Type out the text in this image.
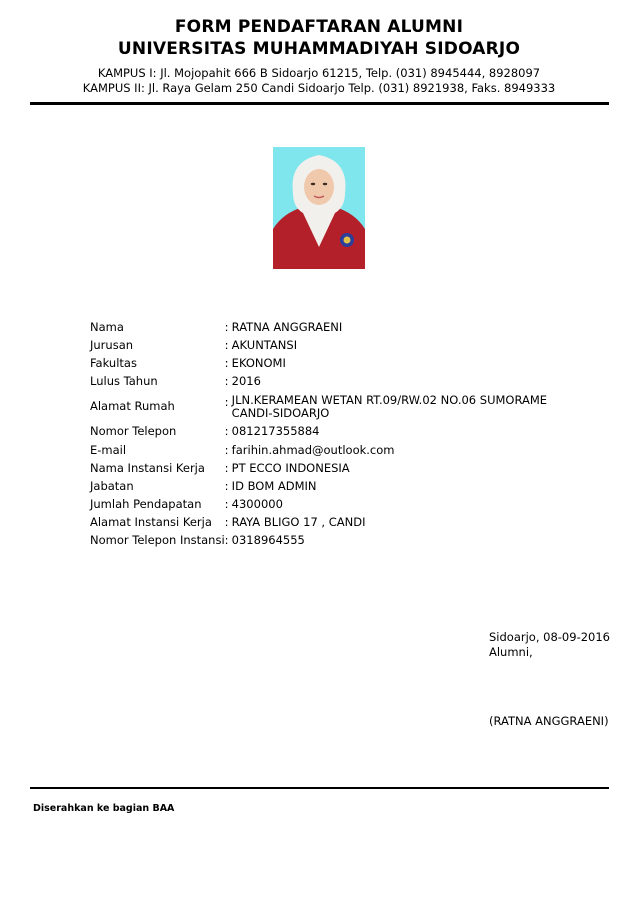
FORM PENDAFTARAN ALUMNI
UNIVERSITAS MUHAMMADIYAH SIDOARJO
KAMPUS I: Jl. Mojopahit 666 B Sidoarjo 61215, Telp. (031) 8945444, 8928097
KAMPUS II: Jl. Raya Gelam 250 Candi Sidoarjo Telp. (031) 8921938, Faks. 8949333
Nama	:	RATNA ANGGRAENI
Jurusan	:	AKUNTANSI
Fakultas	:	EKONOMI
Lulus Tahun	:	2016
Alamat Rumah	:	JLN.KERAMEAN WETAN RT.09/RW.02 NO.06 SUMORAME
CANDI-SIDOARJO

Nomor Telepon	:	081217355884
E-mail	:	farihin.ahmad@outlook.com
Nama Instansi Kerja	:	PT ECCO INDONESIA
Jabatan	:	ID BOM ADMIN
Jumlah Pendapatan	:	4300000
Alamat Instansi Kerja	:	RAYA BLIGO 17 , CANDI
Nomor Telepon Instansi	:	0318964555
Sidoarjo, 08-09-2016
Alumni,
(RATNA ANGGRAENI)
Diserahkan ke bagian BAA
